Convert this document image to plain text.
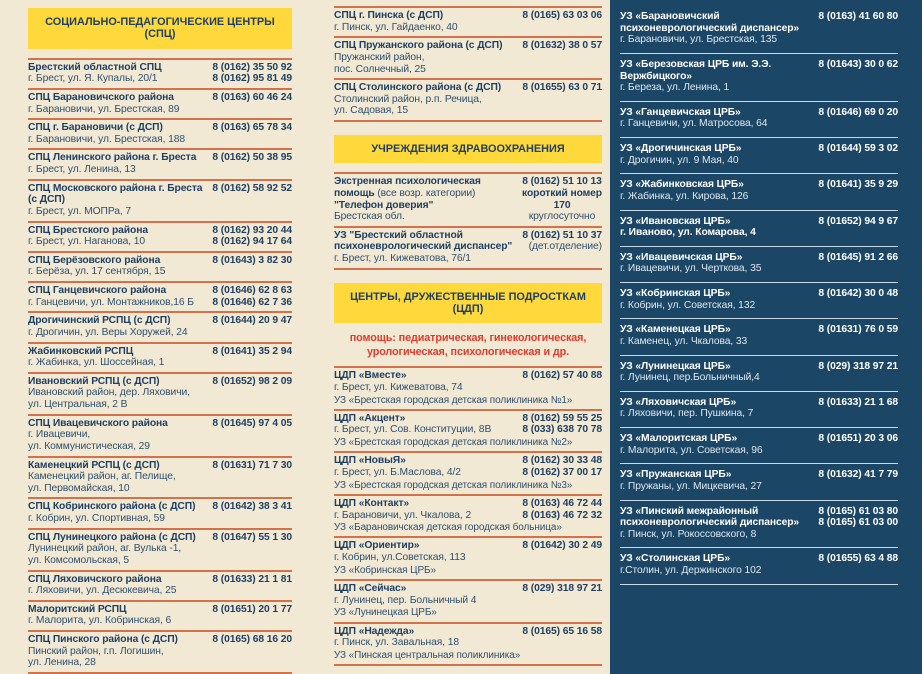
СОЦИАЛЬНО-ПЕДАГОГИЧЕСКИЕ ЦЕНТРЫ (СПЦ)
Брестский областной СПЦ
г. Брест, ул. Я. Купалы, 20/1
8 (0162) 35 50 92
8 (0162) 95 81 49
СПЦ Барановичского района
г. Барановичи, ул. Брестская, 89
8 (0163) 60 46 24
СПЦ г. Барановичи (с ДСП)
г. Барановичи, ул. Брестская, 188
8 (0163) 65 78 34
СПЦ Ленинского района г. Бреста
г. Брест, ул. Ленина, 13
8 (0162) 50 38 95
СПЦ Московского района г. Бреста (с ДСП)
г. Брест, ул. МОПРа, 7
8 (0162) 58 92 52
СПЦ Брестского района
г. Брест, ул. Наганова, 10
8 (0162) 93 20 44
8 (0162) 94 17 64
СПЦ Берёзовского района
г. Берёза, ул. 17 сентября, 15
8 (01643) 3 82 30
СПЦ Ганцевичского района
г. Ганцевичи, ул. Монтажников,16 Б
8 (01646) 62 8 63
8 (01646) 62 7 36
Дрогичинский РСПЦ (с ДСП)
г. Дрогичин, ул. Веры Хоружей, 24
8 (01644) 20 9 47
Жабинковский РСПЦ
г. Жабинка, ул. Шоссейная, 1
8 (01641) 35 2 94
Ивановский РСПЦ (с ДСП)
Ивановский район, дер. Ляховичи,
ул. Центральная, 2 В
8 (01652) 98 2 09
СПЦ Ивацевичского района
г. Ивацевичи,
ул. Коммунистическая, 29
8 (01645) 97 4 05
Каменецкий РСПЦ (с ДСП)
Каменецкий район, аг. Пелище,
ул. Первомайская, 10
8 (01631) 71 7 30
СПЦ Кобринского района (с ДСП)
г. Кобрин, ул. Спортивная, 59
8 (01642) 38 3 41
СПЦ Лунинецкого района (с ДСП)
Лунинецкий район, аг. Вулька -1,
ул. Комсомольская, 5
8 (01647) 55 1 30
СПЦ Ляховичского района
г. Ляховичи, ул. Десюкевича, 25
8 (01633) 21 1 81
Малоритский РСПЦ
г. Малорита, ул. Кобринская, 6
8 (01651) 20 1 77
СПЦ Пинского района (с ДСП)
Пинский район, г.п. Логишин,
ул. Ленина, 28
8 (0165) 68 16 20
СПЦ г. Пинска (с ДСП)
г. Пинск, ул. Гайдаенко, 40
8 (0165) 63 03 06
СПЦ Пружанского района (с ДСП)
Пружанский район,
пос. Солнечный, 25
8 (01632) 38 0 57
СПЦ Столинского района (с ДСП)
Столинский район, р.п. Речица,
ул. Садовая, 15
8 (01655) 63 0 71
УЧРЕЖДЕНИЯ ЗДРАВООХРАНЕНИЯ
Экстренная психологическая помощь (все возр. категории)
"Телефон доверия"
Брестская обл.
8 (0162) 51 10 13
короткий номер
170
круглосуточно
УЗ "Брестский областной психоневрологический диспансер"
г. Брест, ул. Кижеватова, 76/1
8 (0162) 51 10 37
(дет.отделение)
ЦЕНТРЫ, ДРУЖЕСТВЕННЫЕ ПОДРОСТКАМ (ЦДП)
помощь: педиатрическая, гинекологическая,
урологическая, психологическая и др.
ЦДП «Вместе»
г. Брест, ул. Кижеватова, 74
8 (0162) 57 40 88
УЗ «Брестская городская детская поликлиника №1»
ЦДП «Акцент»
г. Брест, ул. Сов. Конституции, 8В
8 (0162) 59 55 25
8 (033) 638 70 78
УЗ «Брестская городская детская поликлиника №2»
ЦДП «НовыЯ»
г. Брест, ул. Б.Маслова, 4/2
8 (0162) 30 33 48
8 (0162) 37 00 17
УЗ «Брестская городская детская поликлиника №3»
ЦДП «Контакт»
г. Барановичи, ул. Чкалова, 2
8 (0163) 46 72 44
8 (0163) 46 72 32
УЗ «Барановичская детская городская больница»
ЦДП «Ориентир»
г. Кобрин, ул.Советская, 113
8 (01642) 30 2 49
УЗ «Кобринская ЦРБ»
ЦДП «Сейчас»
г. Лунинец, пер. Больничный 4
8 (029) 318 97 21
УЗ «Лунинецкая ЦРБ»
ЦДП «Надежда»
г. Пинск, ул. Завальная, 18
8 (0165) 65 16 58
УЗ «Пинская центральная поликлиника»
УЗ «Барановичский психоневрологический диспансер»
г. Барановичи, ул. Брестская, 135
8 (0163) 41 60 80
УЗ «Березовская ЦРБ им. Э.Э. Вержбицкого»
г. Береза, ул. Ленина, 1
8 (01643) 30 0 62
УЗ «Ганцевичская ЦРБ»
г. Ганцевичи, ул. Матросова, 64
8 (01646) 69 0 20
УЗ «Дрогичинская ЦРБ»
г. Дрогичин, ул. 9 Мая, 40
8 (01644) 59 3 02
УЗ «Жабинковская ЦРБ»
г. Жабинка, ул. Кирова, 126
8 (01641) 35 9 29
УЗ «Ивановская ЦРБ»
г. Иваново, ул. Комарова, 4
8 (01652) 94 9 67
УЗ «Ивацевичская ЦРБ»
г. Ивацевичи, ул. Черткова, 35
8 (01645) 91 2 66
УЗ «Кобринская ЦРБ»
г. Кобрин, ул. Советская, 132
8 (01642) 30 0 48
УЗ «Каменецкая ЦРБ»
г. Каменец, ул. Чкалова, 33
8 (01631) 76 0 59
УЗ «Лунинецкая ЦРБ»
г. Лунинец, пер.Больничный,4
8 (029) 318 97 21
УЗ «Ляховичская ЦРБ»
г. Ляховичи, пер. Пушкина, 7
8 (01633) 21 1 68
УЗ «Малоритская ЦРБ»
г. Малорита, ул. Советская, 96
8 (01651) 20 3 06
УЗ «Пружанская ЦРБ»
г. Пружаны, ул. Мицкевича, 27
8 (01632) 41 7 79
УЗ «Пинский межрайонный психоневрологический диспансер»
г. Пинск, ул. Рокоссовского, 8
8 (0165) 61 03 80
8 (0165) 61 03 00
УЗ «Столинская ЦРБ»
г.Столин, ул. Держинского 102
8 (01655) 63 4 88
